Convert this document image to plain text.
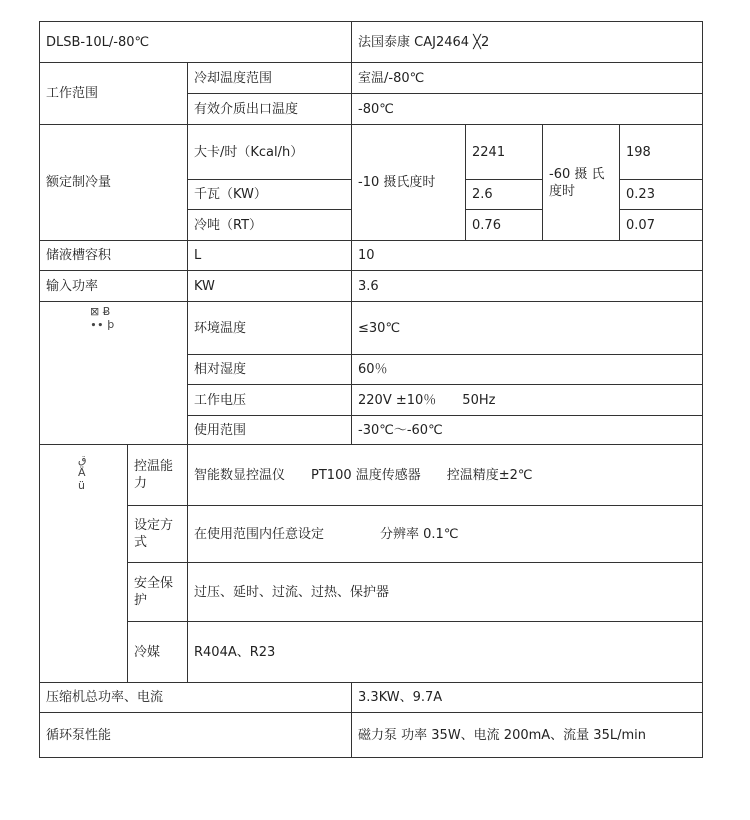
DLSB-10L/-80℃			法国泰康 CAJ2464 ╳2			
工作范围		冷却温度范围	室温/-80℃			
		有效介质出口温度	-80℃			
额定制冷量		大卡/时（Kcal/h）	-10 摄氏度时	2241	-60 摄 氏度时	198
		千瓦（KW）		2.6		0.23
		冷吨（RT）		0.76		0.07
储液槽容积		L	10			
输入功率		KW	3.6			

⊠ Ƀ
∙∙ þ		环境温度	≤30℃			
		相对湿度	60％			
		工作电压	220V ±10％ 50Hz			
		使用范围	-30℃～-60℃			

ق
Ä
ü	控温能力	智能数显控温仪 PT100 温度传感器 控温精度±2℃				
	设定方式	在使用范围内任意设定 分辨率 0.1℃				
	安全保护	过压、延时、过流、过热、保护器				
	冷媒	R404A、R23				
压缩机总功率、电流			3.3KW、9.7A			
循环泵性能			磁力泵 功率 35W、电流 200mA、流量 35L/min			
